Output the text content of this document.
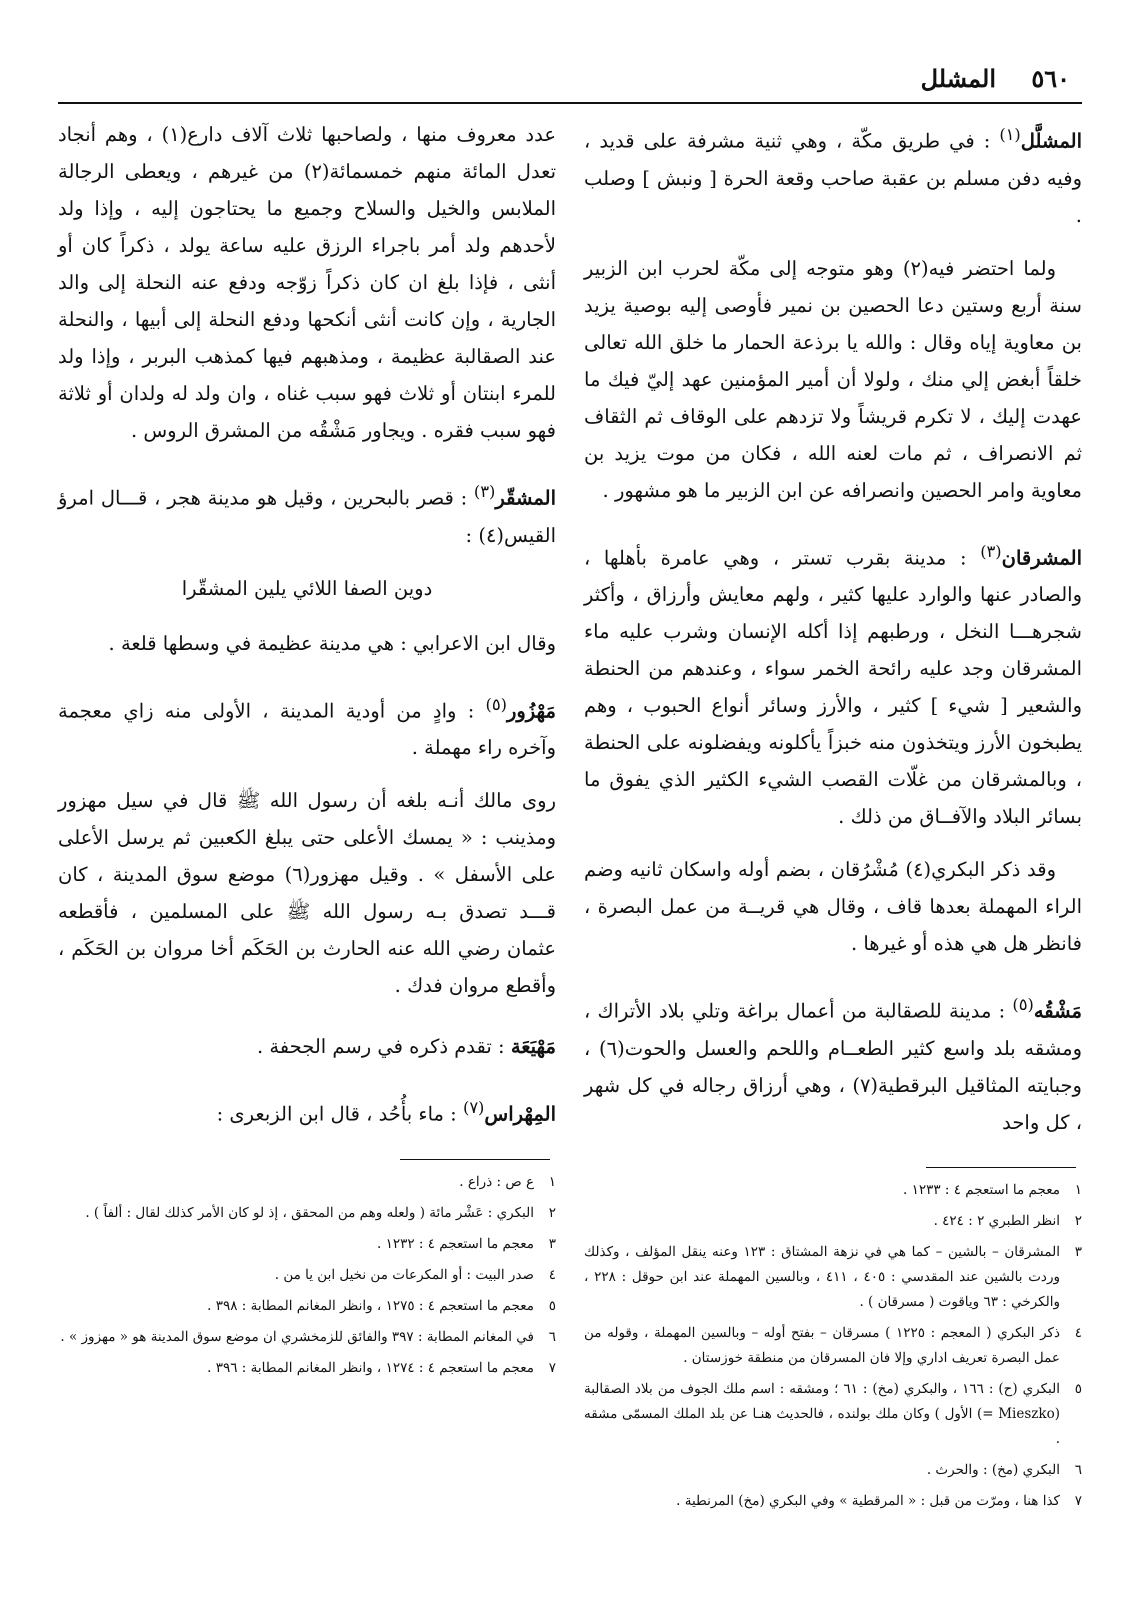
٥٦٠
المشلل

المشلَّل$^{(١)}$ : في طريق مكّة ، وهي ثنية مشرفة على قديد ، وفيه دفن مسلم بن عقبة صاحب وقعة الحرة [ ونبش ] وصلب .

ولما احتضر فيه(٢) وهو متوجه إلى مكّة لحرب ابن الزبير سنة أربع وستين دعا الحصين بن نمير فأوصى إليه بوصية يزيد بن معاوية إياه وقال : والله يا برذعة الحمار ما خلق الله تعالى خلقاً أبغض إلي منك ، ولولا أن أمير المؤمنين عهد إليّ فيك ما عهدت إليك ، لا تكرم قريشاً ولا تزدهم على الوقاف ثم الثقاف ثم الانصراف ، ثم مات لعنه الله ، فكان من موت يزيد بن معاوية وامر الحصين وانصرافه عن ابن الزبير ما هو مشهور .

المشرقان$^{(٣)}$ : مدينة بقرب تستر ، وهي عامرة بأهلها ، والصادر عنها والوارد عليها كثير ، ولهم معايش وأرزاق ، وأكثر شجرهـــا النخل ، ورطبهم إذا أكله الإنسان وشرب عليه ماء المشرقان وجد عليه رائحة الخمر سواء ، وعندهم من الحنطة والشعير [ شيء ] كثير ، والأرز وسائر أنواع الحبوب ، وهم يطبخون الأرز ويتخذون منه خبزاً يأكلونه ويفضلونه على الحنطة ، وبالمشرقان من غلّات القصب الشيء الكثير الذي يفوق ما بسائر البلاد والآفــاق من ذلك .

وقد ذكر البكري(٤) مُشْرُقان ، بضم أوله واسكان ثانيه وضم الراء المهملة بعدها قاف ، وقال هي قريــة من عمل البصرة ، فانظر هل هي هذه أو غيرها .

مَشْقُه$^{(٥)}$ : مدينة للصقالبة من أعمال براغة وتلي بلاد الأتراك ، ومشقه بلد واسع كثير الطعــام واللحم والعسل والحوت(٦) ، وجبايته المثاقيل البرقطية(٧) ، وهي أرزاق رجاله في كل شهر ، كل واحد

١
معجم ما استعجم ٤ : ١٢٣٣ .
٢
انظر الطبري ٢ : ٤٢٤ .
٣
المشرقان – بالشين – كما هي في نزهة المشتاق : ١٢٣ وعنه ينقل المؤلف ، وكذلك وردت بالشين عند المقدسي : ٤٠٥ ، ٤١١ ، وبالسين المهملة عند ابن حوقل : ٢٢٨ ، والكرخي : ٦٣ وياقوت ( مسرقان ) .
٤
ذكر البكري ( المعجم : ١٢٢٥ ) مسرقان – بفتح أوله – وبالسين المهملة ، وقوله من عمل البصرة تعريف اداري وإلا فان المسرقان من منطقة خوزستان .
٥
البكري (ح) : ١٦٦ ، والبكري (مخ) : ٦١ ؛ ومشقه : اسم ملك الجوف من بلاد الصقالبة (Mieszko =) الأول ) وكان ملك بولنده ، فالحديث هنـا عن بلد الملك المسمّى مشقه .
٦
البكري (مخ) : والحرث .
٧
كذا هنا ، ومرّت من قبل : « المرقطية » وفي البكري (مخ) المرنطية .

عدد معروف منها ، ولصاحبها ثلاث آلاف دارع(١) ، وهم أنجاد تعدل المائة منهم خمسمائة(٢) من غيرهم ، ويعطى الرجالة الملابس والخيل والسلاح وجميع ما يحتاجون إليه ، وإذا ولد لأحدهم ولد أمر باجراء الرزق عليه ساعة يولد ، ذكراً كان أو أنثى ، فإذا بلغ ان كان ذكراً زوّجه ودفع عنه النحلة إلى والد الجارية ، وإن كانت أنثى أنكحها ودفع النحلة إلى أبيها ، والنحلة عند الصقالبة عظيمة ، ومذهبهم فيها كمذهب البربر ، وإذا ولد للمرء ابنتان أو ثلاث فهو سبب غناه ، وان ولد له ولدان أو ثلاثة فهو سبب فقره . ويجاور مَشْقُه من المشرق الروس .

المشقّر$^{(٣)}$ : قصر بالبحرين ، وقيل هو مدينة هجر ، قـــال امرؤ القيس(٤) :

دوين الصفا اللائي يلين المشقّرا

وقال ابن الاعرابي : هي مدينة عظيمة في وسطها قلعة .

مَهْزُور$^{(٥)}$ : وادٍ من أودية المدينة ، الأولى منه زاي معجمة وآخره راء مهملة .

روى مالك أنـه بلغه أن رسول الله ﷺ قال في سيل مهزور ومذينب : « يمسك الأعلى حتى يبلغ الكعبين ثم يرسل الأعلى على الأسفل » . وقيل مهزور(٦) موضع سوق المدينة ، كان قـــد تصدق بـه رسول الله ﷺ على المسلمين ، فأقطعه عثمان رضي الله عنه الحارث بن الحَكَم أخا مروان بن الحَكَم ، وأقطع مروان فدك .

مَهْيَعَة : تقدم ذكره في رسم الجحفة .

المِهْراس$^{(٧)}$ : ماء بأُحُد ، قال ابن الزبعرى :

١
ع ص : ذراع .
٢
البكري : عَشْر مائة ( ولعله وهم من المحقق ، إذ لو كان الأمر كذلك لقال : ألفاً ) .
٣
معجم ما استعجم ٤ : ١٢٣٢ .
٤
صدر البيت : أو المكرعات من نخيل ابن يا من .
٥
معجم ما استعجم ٤ : ١٢٧٥ ، وانظر المغانم المطابة : ٣٩٨ .
٦
في المغانم المطابة : ٣٩٧ والفائق للزمخشري ان موضع سوق المدينة هو « مهزوز » .
٧
معجم ما استعجم ٤ : ١٢٧٤ ، وانظر المغانم المطابة : ٣٩٦ .
